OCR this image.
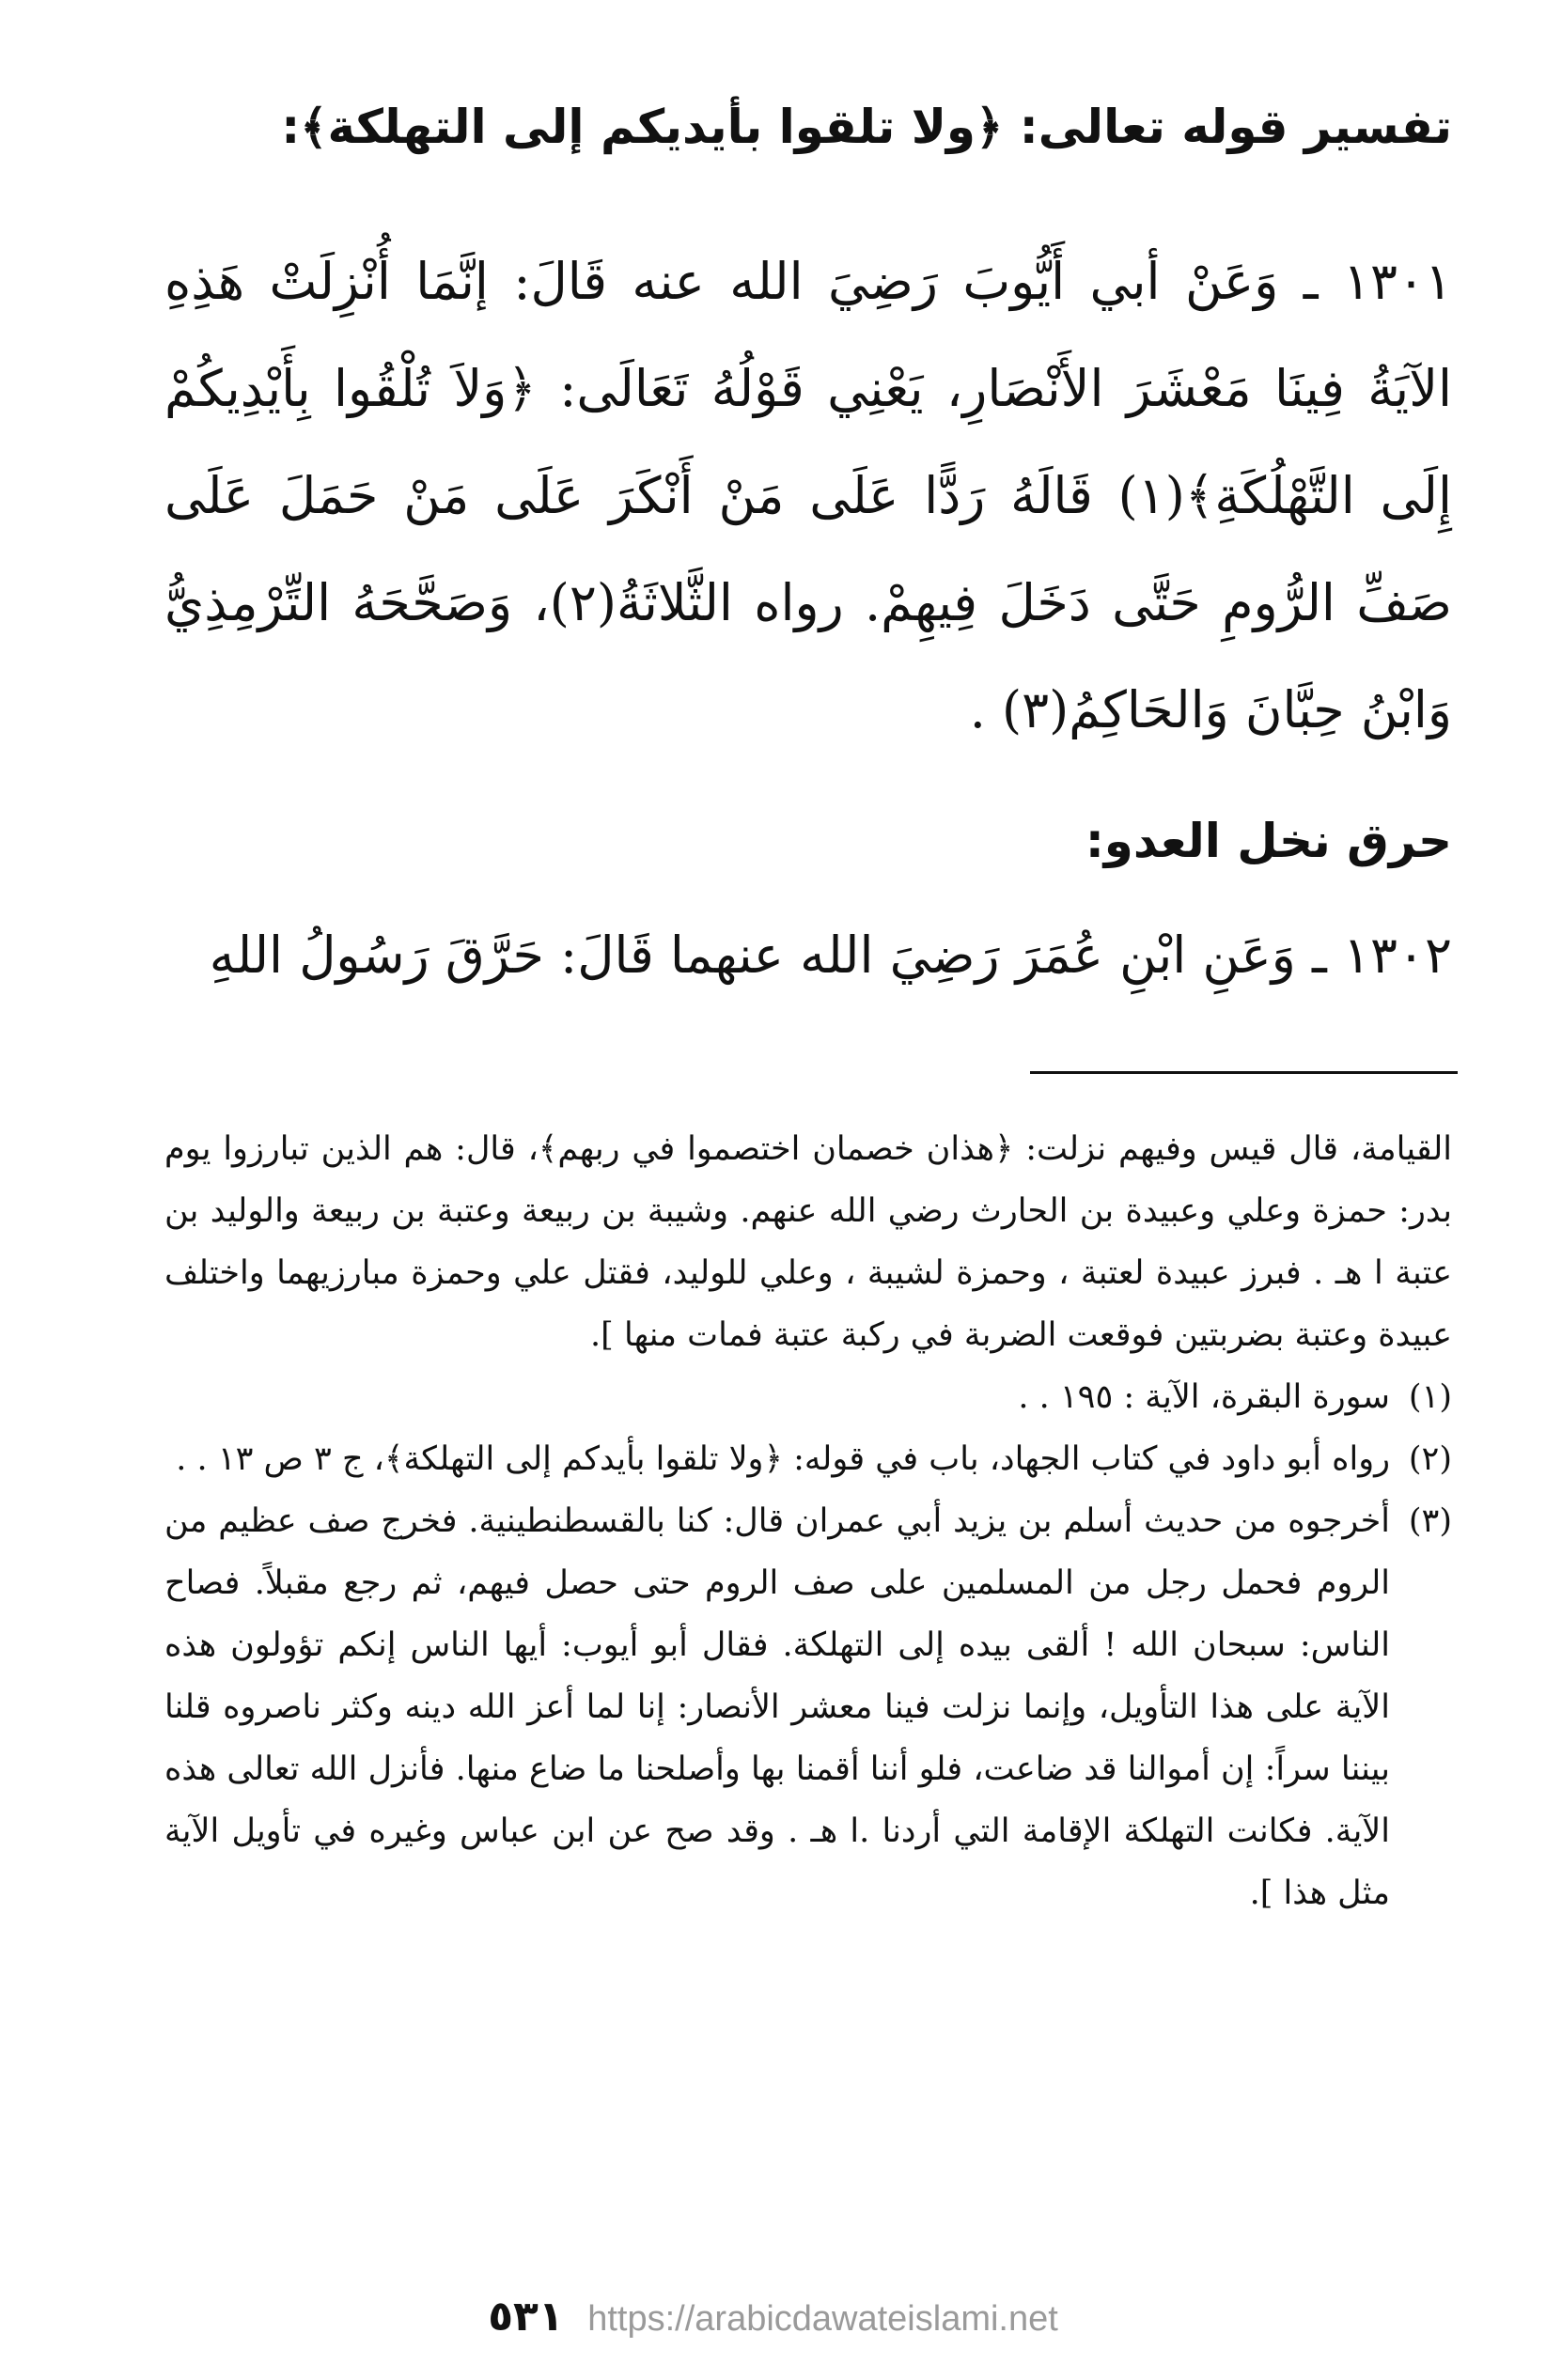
تفسير قوله تعالى: ﴿ولا تلقوا بأيديكم إلى التهلكة﴾:

١٣٠١ ـ وَعَنْ أبي أَيُّوبَ رَضِيَ الله عنه قَالَ: إنَّمَا أُنْزِلَتْ هَذِهِ الآيَةُ فِينَا مَعْشَرَ الأَنْصَارِ، يَعْنِي قَوْلُهُ تَعَالَى: ﴿وَلاَ تُلْقُوا بِأَيْدِيكُمْ إِلَى التَّهْلُكَةِ﴾(١) قَالَهُ رَدًّا عَلَى مَنْ أَنْكَرَ عَلَى مَنْ حَمَلَ عَلَى صَفِّ الرُّومِ حَتَّى دَخَلَ فِيهِمْ. رواه الثَّلاثَةُ(٢)، وَصَحَّحَهُ التِّرْمِذِيُّ وَابْنُ حِبَّانَ وَالحَاكِمُ(٣) .

حرق نخل العدو:

١٣٠٢ ـ وَعَنِ ابْنِ عُمَرَ رَضِيَ الله عنهما قَالَ: حَرَّقَ رَسُولُ اللهِ

القيامة، قال قيس وفيهم نزلت: ﴿هذان خصمان اختصموا في ربهم﴾، قال: هم الذين تبارزوا يوم بدر: حمزة وعلي وعبيدة بن الحارث رضي الله عنهم. وشيبة بن ربيعة وعتبة بن ربيعة والوليد بن عتبة ا هـ . فبرز عبيدة لعتبة ، وحمزة لشيبة ، وعلي للوليد، فقتل علي وحمزة مبارزيهما واختلف عبيدة وعتبة بضربتين فوقعت الضربة في ركبة عتبة فمات منها ].

(١)
سورة البقرة، الآية : ١٩٥ . .
(٢)
رواه أبو داود في كتاب الجهاد، باب في قوله: ﴿ولا تلقوا بأيدكم إلى التهلكة﴾، ج ٣ ص ١٣ . .
(٣)
أخرجوه من حديث أسلم بن يزيد أبي عمران قال: كنا بالقسطنطينية. فخرج صف عظيم من الروم فحمل رجل من المسلمين على صف الروم حتى حصل فيهم، ثم رجع مقبلاً. فصاح الناس: سبحان الله ! ألقى بيده إلى التهلكة. فقال أبو أيوب: أيها الناس إنكم تؤولون هذه الآية على هذا التأويل، وإنما نزلت فينا معشر الأنصار: إنا لما أعز الله دينه وكثر ناصروه قلنا بيننا سراً: إن أموالنا قد ضاعت، فلو أننا أقمنا بها وأصلحنا ما ضاع منها. فأنزل الله تعالى هذه الآية. فكانت التهلكة الإقامة التي أردنا .ا هـ . وقد صح عن ابن عباس وغيره في تأويل الآية مثل هذا ].
٥٣١ https://arabicdawateislami.net
